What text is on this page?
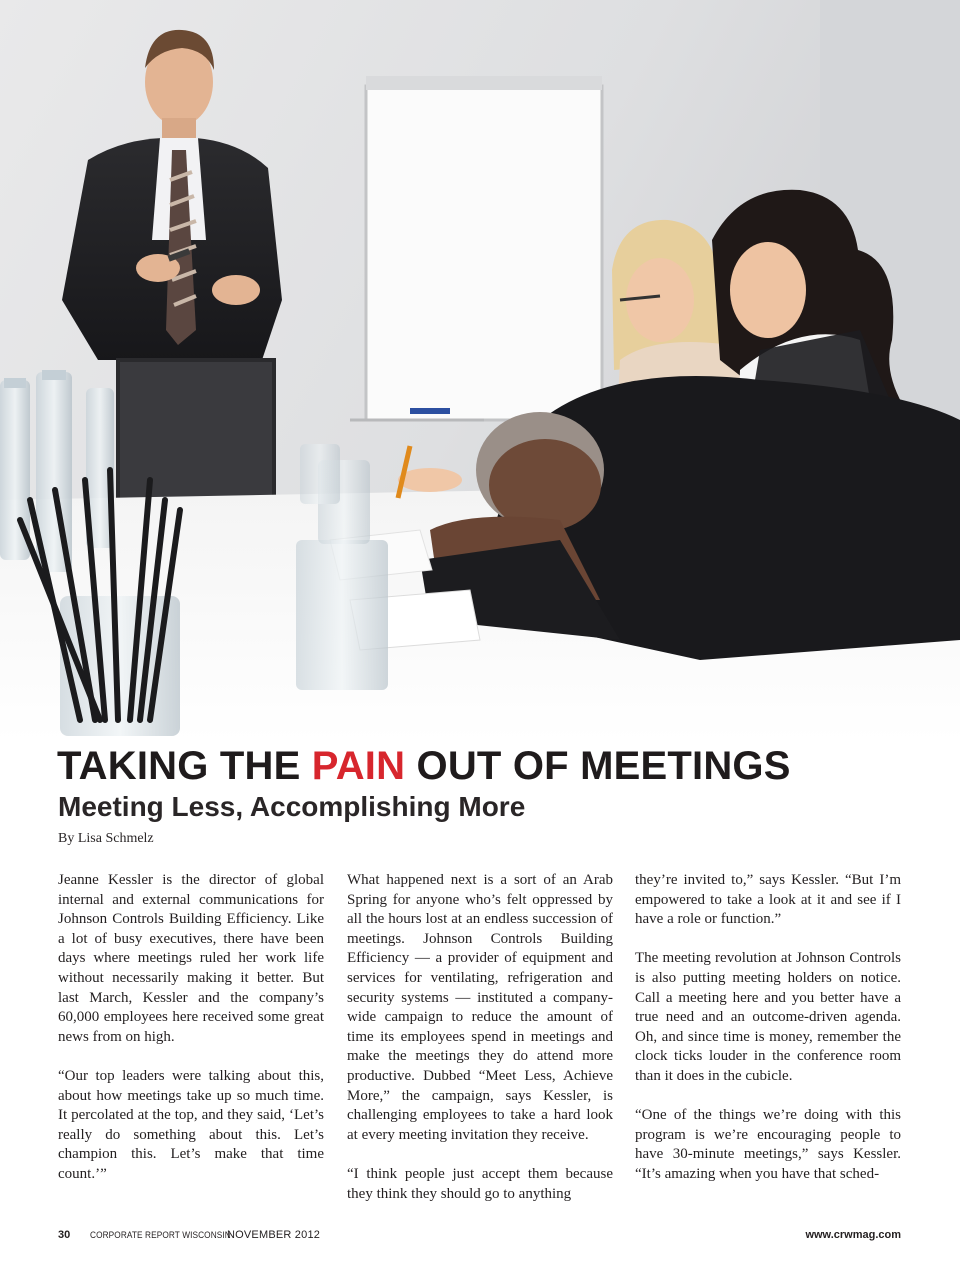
TAKING THE PAIN OUT OF MEETINGS
Meeting Less, Accomplishing More
By Lisa Schmelz

Jeanne Kessler is the director of global internal and external communications for Johnson Controls Building Efficiency. Like a lot of busy executives, there have been days where meetings ruled her work life without necessarily making it better. But last March, Kessler and the company’s 60,000 employees here received some great news from on high.

“Our top leaders were talking about this, about how meetings take up so much time. It percolated at the top, and they said, ‘Let’s really do something about this. Let’s champion this. Let’s make that time count.’”

What happened next is a sort of an Arab Spring for anyone who’s felt oppressed by all the hours lost at an endless succession of meetings. Johnson Controls Building Efficiency — a provider of equipment and services for ventilating, refrigeration and security systems — instituted a company-wide campaign to reduce the amount of time its employees spend in meetings and make the meetings they do attend more productive. Dubbed “Meet Less, Achieve More,” the campaign, says Kessler, is challenging employees to take a hard look at every meeting invitation they receive.

“I think people just accept them because they think they should go to anything

they’re invited to,” says Kessler. “But I’m empowered to take a look at it and see if I have a role or function.”

The meeting revolution at Johnson Controls is also putting meeting holders on notice. Call a meeting here and you better have a true need and an outcome-driven agenda. Oh, and since time is money, remember the clock ticks louder in the conference room than it does in the cubicle.

“One of the things we’re doing with this program is we’re encouraging people to have 30-minute meetings,” says Kessler. “It’s amazing when you have that sched-

30 CORPORATE REPORT WISCONSIN
NOVEMBER 2012	www.crwmag.com
